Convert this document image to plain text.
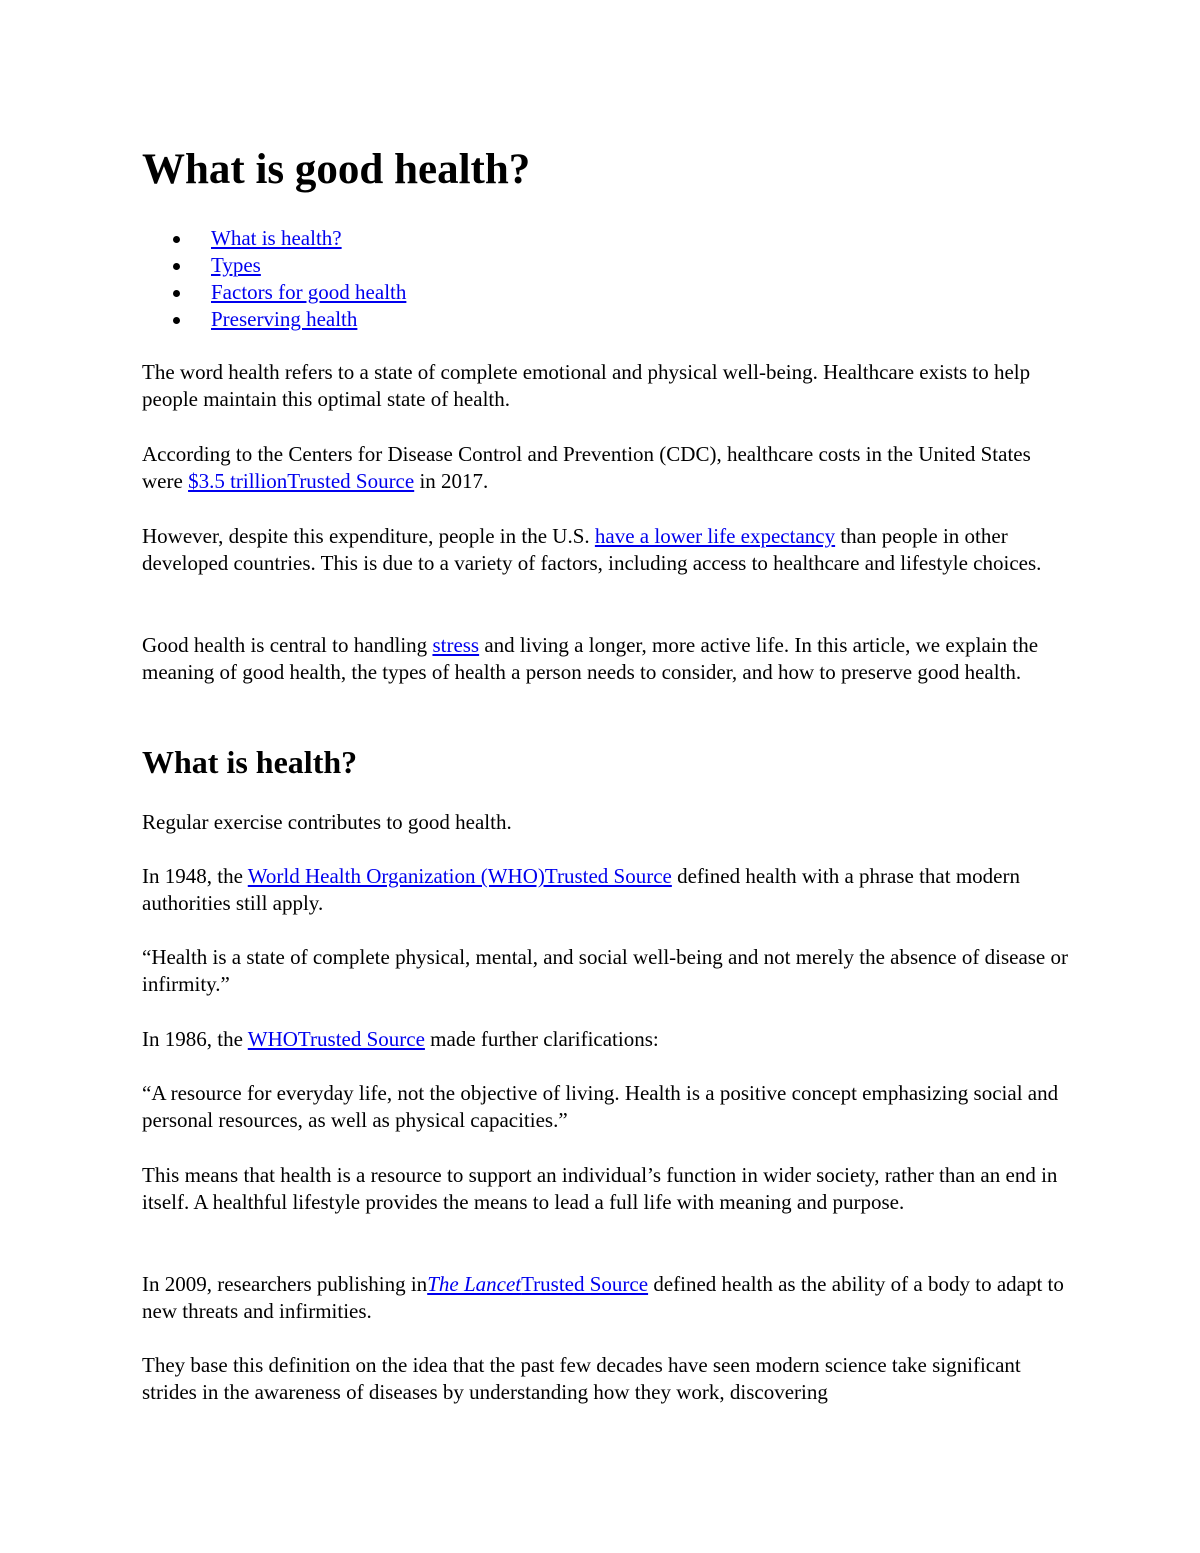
What is good health?
What is health?
Types
Factors for good health
Preserving health

The word health refers to a state of complete emotional and physical well-being. Healthcare exists to help people maintain this optimal state of health.

According to the Centers for Disease Control and Prevention (CDC), healthcare costs in the United States were $3.5 trillionTrusted Source in 2017.

However, despite this expenditure, people in the U.S. have a lower life expectancy than people in other developed countries. This is due to a variety of factors, including access to healthcare and lifestyle choices.

Good health is central to handling stress and living a longer, more active life. In this article, we explain the meaning of good health, the types of health a person needs to consider, and how to preserve good health.

What is health?

Regular exercise contributes to good health.

In 1948, the World Health Organization (WHO)Trusted Source defined health with a phrase that modern authorities still apply.

“Health is a state of complete physical, mental, and social well-being and not merely the absence of disease or infirmity.”

In 1986, the WHOTrusted Source made further clarifications:

“A resource for everyday life, not the objective of living. Health is a positive concept emphasizing social and personal resources, as well as physical capacities.”

This means that health is a resource to support an individual’s function in wider society, rather than an end in itself. A healthful lifestyle provides the means to lead a full life with meaning and purpose.

In 2009, researchers publishing inThe LancetTrusted Source defined health as the ability of a body to adapt to new threats and infirmities.

They base this definition on the idea that the past few decades have seen modern science take significant strides in the awareness of diseases by understanding how they work, discovering
